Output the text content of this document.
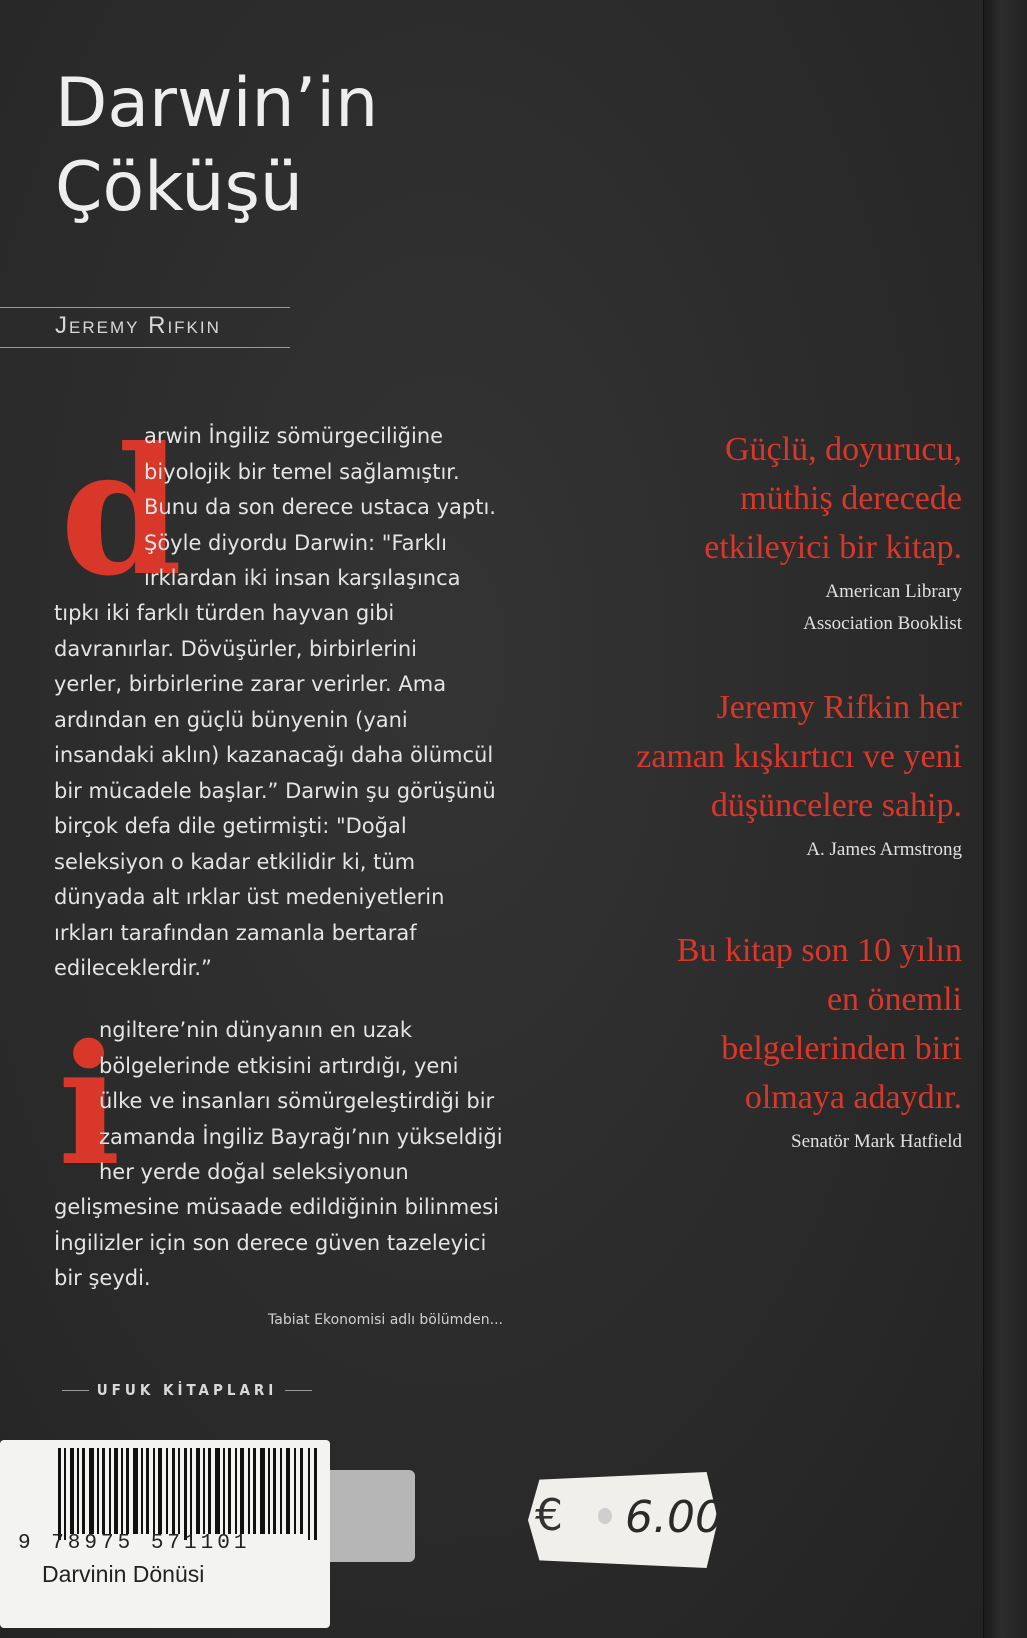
Darwin’in
Çöküşü
Jeremy Rifkin
d
arwin İngiliz sömürgeciliğine
biyolojik bir temel sağlamıştır.
Bunu da son derece ustaca yaptı.
Şöyle diyordu Darwin: "Farklı
ırklardan iki insan karşılaşınca
tıpkı iki farklı türden hayvan gibi
davranırlar. Dövüşürler, birbirlerini
yerler, birbirlerine zarar verirler. Ama
ardından en güçlü bünyenin (yani
insandaki aklın) kazanacağı daha ölümcül
bir mücadele başlar.” Darwin şu görüşünü
birçok defa dile getirmişti: "Doğal
seleksiyon o kadar etkilidir ki, tüm
dünyada alt ırklar üst medeniyetlerin
ırkları tarafından zamanla bertaraf
edileceklerdir.”
i
ngiltere’nin dünyanın en uzak
bölgelerinde etkisini artırdığı, yeni
ülke ve insanları sömürgeleştirdiği bir
zamanda İngiliz Bayrağı’nın yükseldiği
her yerde doğal seleksiyonun
gelişmesine müsaade edildiğinin bilinmesi
İngilizler için son derece güven tazeleyici
bir şeydi.
Tabiat Ekonomisi adlı bölümden...
UFUK KİTAPLARI
Güçlü, doyurucu,
müthiş derecede
etkileyici bir kitap.
American Library
Association Booklist
Jeremy Rifkin her
zaman kışkırtıcı ve yeni
düşüncelere sahip.
A. James Armstrong
Bu kitap son 10 yılın
en önemli
belgelerinden biri
olmaya adaydır.
Senatör Mark Hatfield
9 78975 571101
Darvinin Dönüsi
€ 6.00
